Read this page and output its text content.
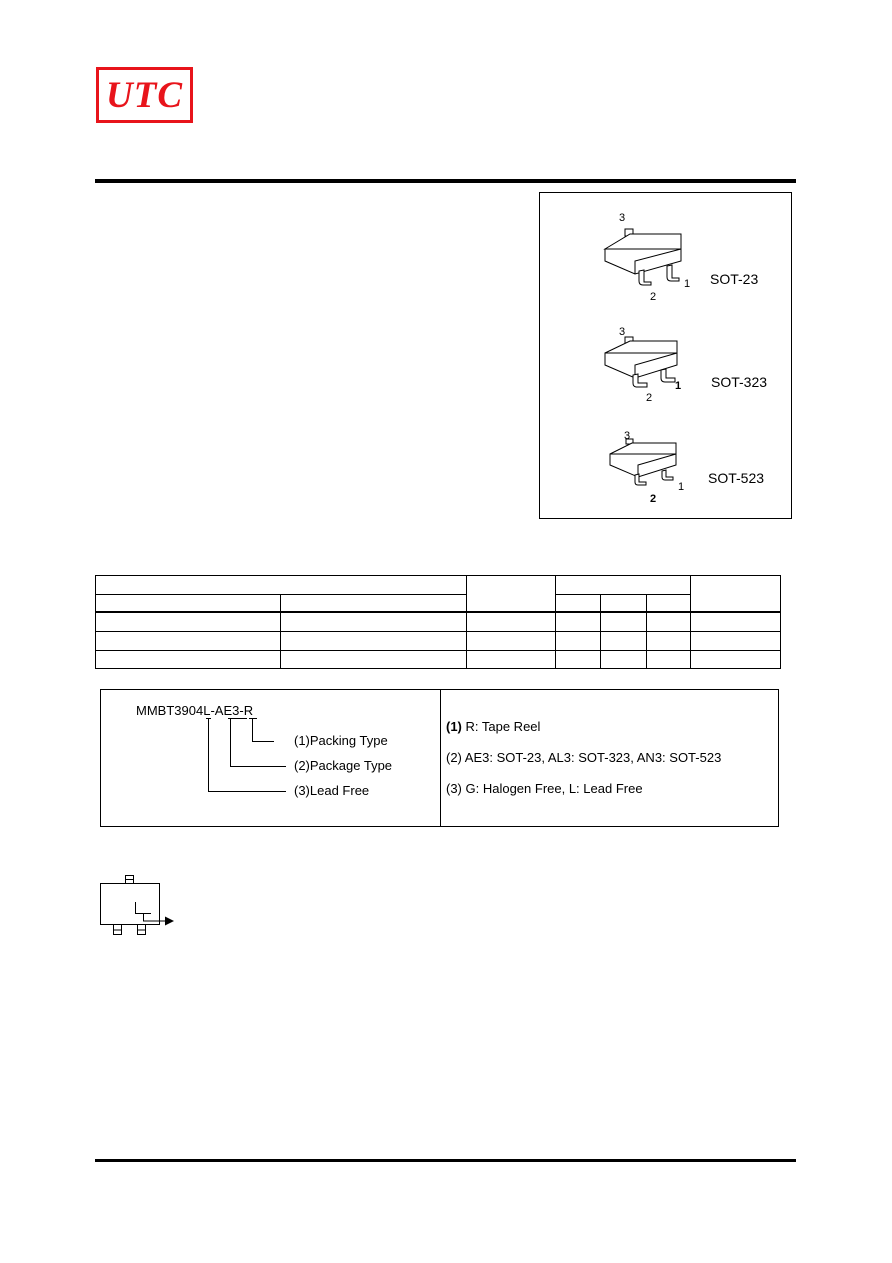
UTC
3
2
1 SOT-23
3
2
1 SOT-323
3
2
1
SOT-523
MMBT3904L-AE3-R
(1)Packing Type
(2)Package Type
(3)Lead Free
(1) R: Tape Reel
(2) AE3: SOT-23, AL3: SOT-323, AN3: SOT-523
(3) G: Halogen Free, L: Lead Free
